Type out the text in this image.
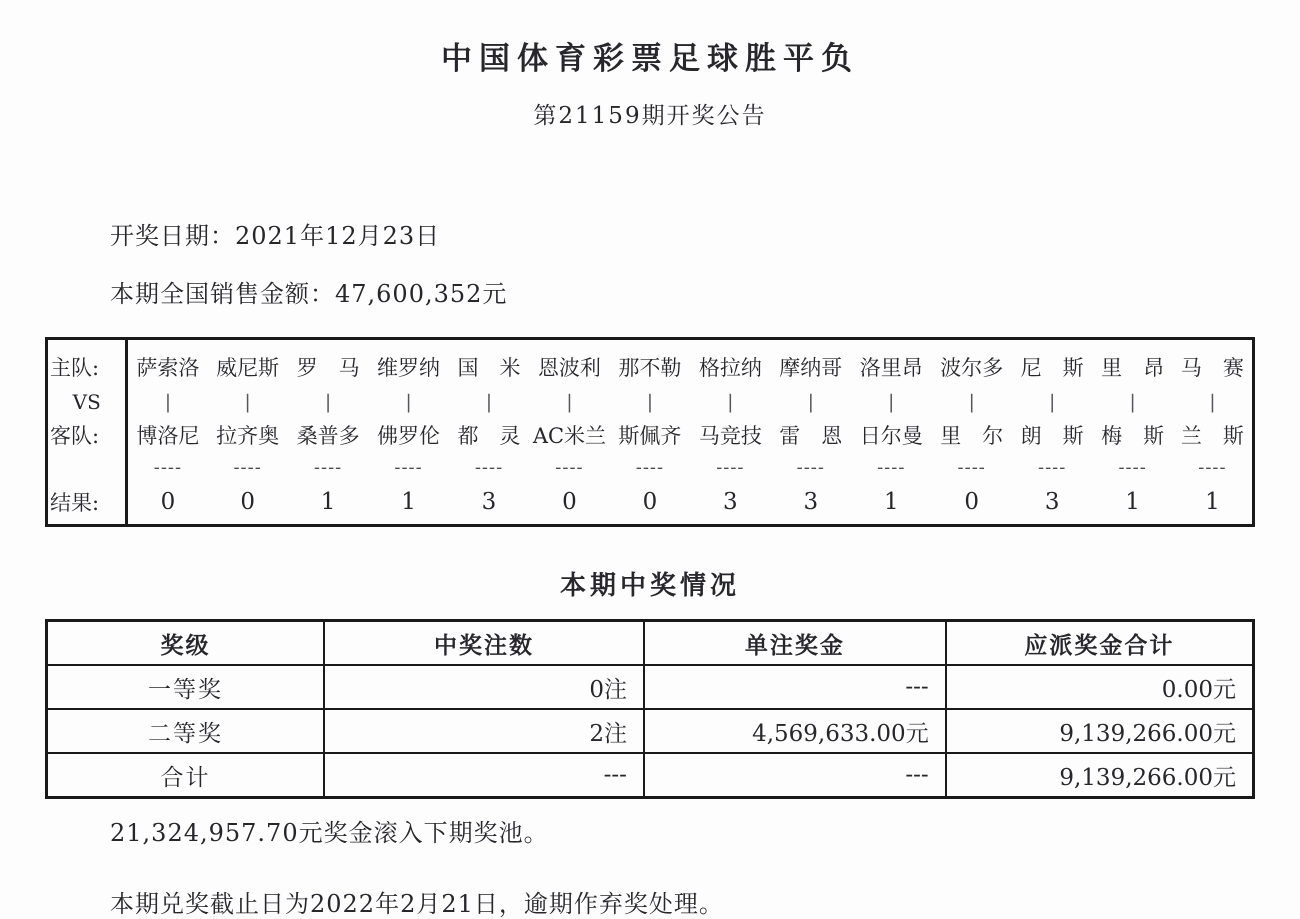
中国体育彩票足球胜平负
第21159期开奖公告
开奖日期：2021年12月23日
本期全国销售金额：47,600,352元
主队:	萨索洛	威尼斯	罗　马	维罗纳	国　米	恩波利	那不勒	格拉纳	摩纳哥	洛里昂	波尔多	尼　斯	里　昂	马　赛
VS	|	|	|	|	|	|	|	|	|	|	|	|	|	|
客队:	博洛尼	拉齐奥	桑普多	佛罗伦	都　灵	AC米兰	斯佩齐	马竞技	雷　恩	日尔曼	里　尔	朗　斯	梅　斯	兰　斯
	----	----	----	----	----	----	----	----	----	----	----	----	----	----
结果:	0	0	1	1	3	0	0	3	3	1	0	3	1	1
本期中奖情况
奖级	中奖注数	单注奖金	应派奖金合计
一等奖	0注	---	0.00元
二等奖	2注	4,569,633.00元	9,139,266.00元
合计	---	---	9,139,266.00元
21,324,957.70元奖金滚入下期奖池。
本期兑奖截止日为2022年2月21日，逾期作弃奖处理。
